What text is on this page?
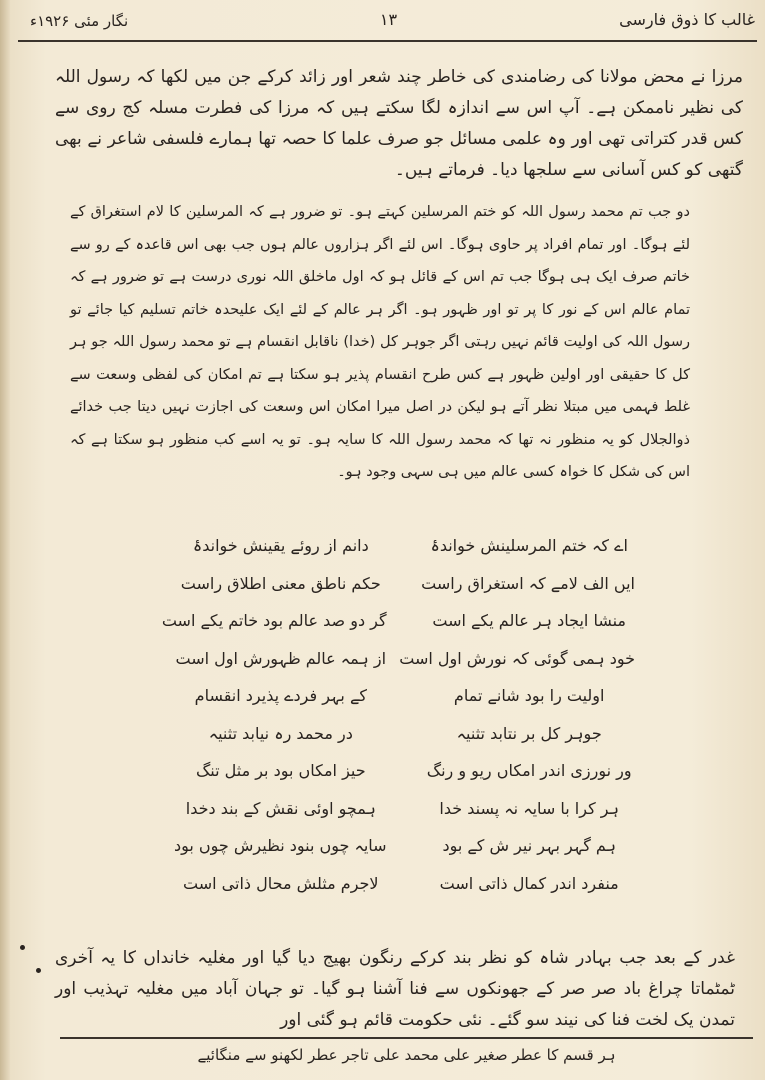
غالب کا ذوق فارسی
۱۳
نگار مئی ۱۹۲۶ء
مرزا نے محض مولانا کی رضامندی کی خاطر چند شعر اور زائد کرکے جن میں لکھا کہ رسول اللہ کی نظیر ناممکن ہے۔ آپ اس سے اندازہ لگا سکتے ہیں کہ مرزا کی فطرت مسلہ کج روی سے کس قدر کتراتی تھی اور وہ علمی مسائل جو صرف علما کا حصہ تھا ہمارے فلسفی شاعر نے بھی گتھی کو کس آسانی سے سلجھا دیا۔ فرماتے ہیں۔
دو جب تم محمد رسول اللہ کو ختم المرسلین کہتے ہو۔ تو ضرور ہے کہ المرسلین کا لام استغراق کے لئے ہوگا۔ اور تمام افراد پر حاوی ہوگا۔ اس لئے اگر ہزاروں عالم ہوں جب بھی اس قاعدہ کے رو سے خاتم صرف ایک ہی ہوگا جب تم اس کے قائل ہو کہ اول ماخلق اللہ نوری درست ہے تو ضرور ہے کہ تمام عالم اس کے نور کا پر تو اور ظہور ہو۔ اگر ہر عالم کے لئے ایک علیحدہ خاتم تسلیم کیا جائے تو رسول اللہ کی اولیت قائم نہیں رہتی اگر جوہر کل (خدا) ناقابل انقسام ہے تو محمد رسول اللہ جو ہر کل کا حقیقی اور اولین ظہور ہے کس طرح انقسام پذیر ہو سکتا ہے تم امکان کی لفظی وسعت سے غلط فہمی میں مبتلا نظر آتے ہو لیکن در اصل میرا امکان اس وسعت کی اجازت نہیں دیتا جب خدائے ذوالجلال کو یہ منظور نہ تھا کہ محمد رسول اللہ کا سایہ ہو۔ تو یہ اسے کب منظور ہو سکتا ہے کہ اس کی شکل کا خواہ کسی عالم میں ہی سہی وجود ہو۔
اے کہ ختم المرسلینش خواندۂ
دانم از روئے یقینش خواندۂ
ایں الف لامے کہ استغراق راست
حکم ناطق معنی اطلاق راست
منشا ایجاد ہر عالم یکے است
گر دو صد عالم بود خاتم یکے است
خود ہمی گوئی کہ نورش اول است
از ہمہ عالم ظہورش اول است
اولیت را بود شانے تمام
کے بہر فردے پذیرد انقسام
جوہر کل بر نتابد تثنیہ
در محمد رہ نیابد تثنیہ
ور نورزی اندر امکاں ریو و رنگ
حیز امکاں بود بر مثل تنگ
ہر کرا با سایہ نہ پسند خدا
ہمچو اوئی نقش کے بند دخدا
ہم گہر بہر نیر ش کے بود
سایہ چوں بنود نظیرش چوں بود
منفرد اندر کمال ذاتی است
لاجرم مثلش محال ذاتی است
غدر کے بعد جب بہادر شاہ کو نظر بند کرکے رنگون بھیج دیا گیا اور مغلیہ خانداں کا یہ آخری ٹمٹماتا چراغ باد صر صر کے جھونکوں سے فنا آشنا ہو گیا۔ تو جہان آباد میں مغلیہ تہذیب اور تمدن یک لخت فنا کی نیند سو گئے۔ نئی حکومت قائم ہو گئی اور
ہر قسم کا عطر صغیر علی محمد علی تاجر عطر لکھنو سے منگائیے
